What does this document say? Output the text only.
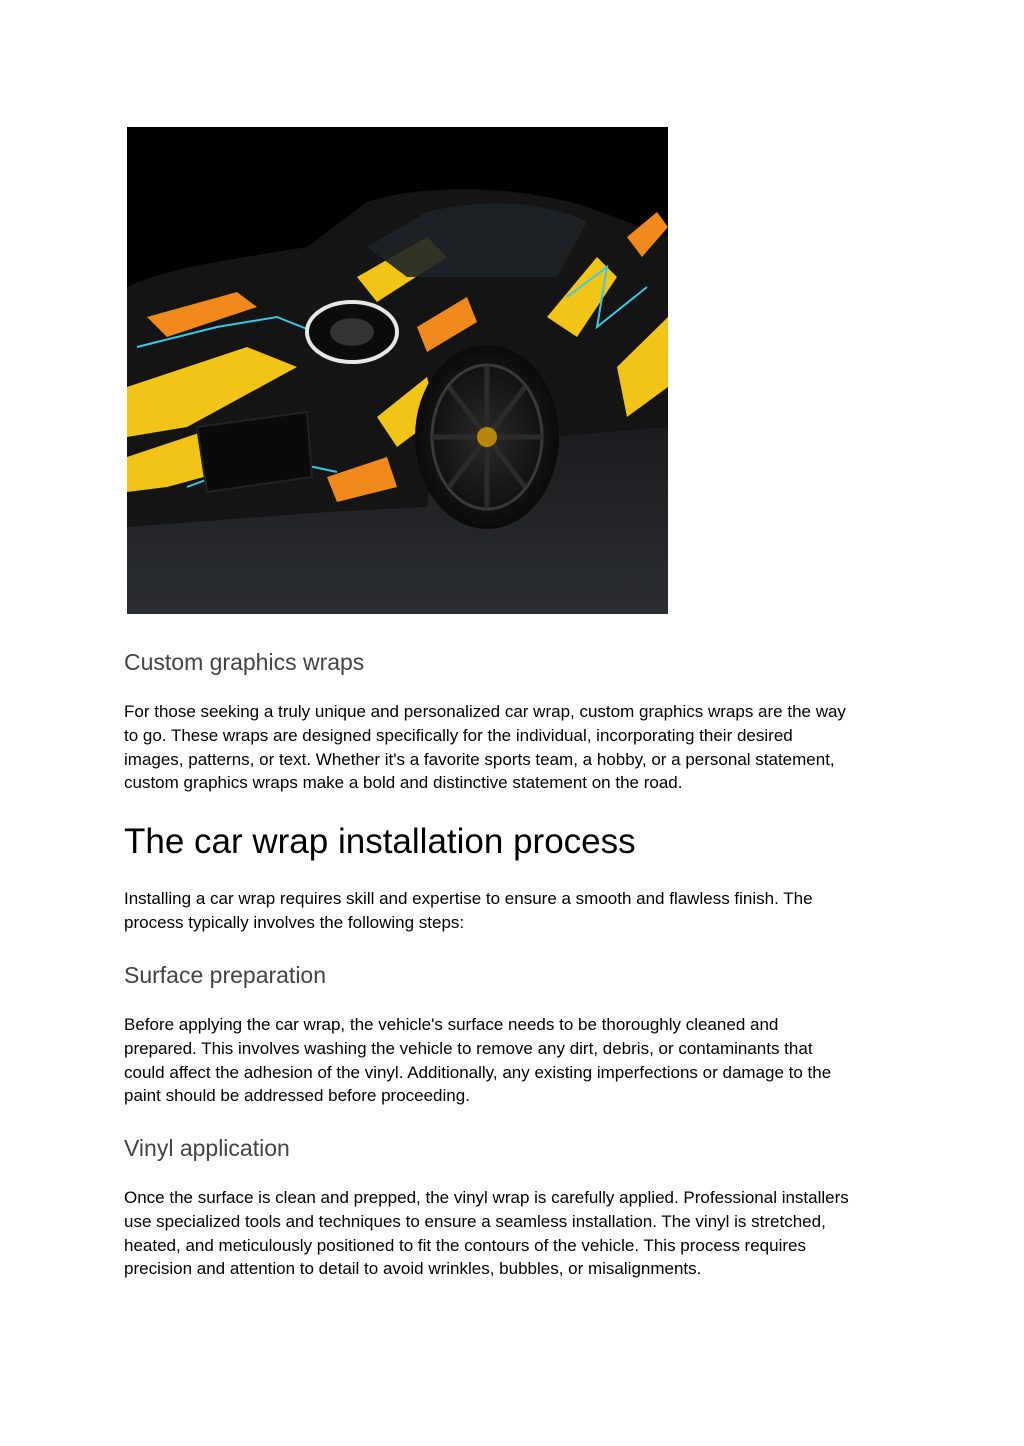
Custom graphics wraps

For those seeking a truly unique and personalized car wrap, custom graphics wraps are the way
to go. These wraps are designed specifically for the individual, incorporating their desired
images, patterns, or text. Whether it's a favorite sports team, a hobby, or a personal statement,
custom graphics wraps make a bold and distinctive statement on the road.

The car wrap installation process

Installing a car wrap requires skill and expertise to ensure a smooth and flawless finish. The
process typically involves the following steps:

Surface preparation

Before applying the car wrap, the vehicle's surface needs to be thoroughly cleaned and
prepared. This involves washing the vehicle to remove any dirt, debris, or contaminants that
could affect the adhesion of the vinyl. Additionally, any existing imperfections or damage to the
paint should be addressed before proceeding.

Vinyl application

Once the surface is clean and prepped, the vinyl wrap is carefully applied. Professional installers
use specialized tools and techniques to ensure a seamless installation. The vinyl is stretched,
heated, and meticulously positioned to fit the contours of the vehicle. This process requires
precision and attention to detail to avoid wrinkles, bubbles, or misalignments.
